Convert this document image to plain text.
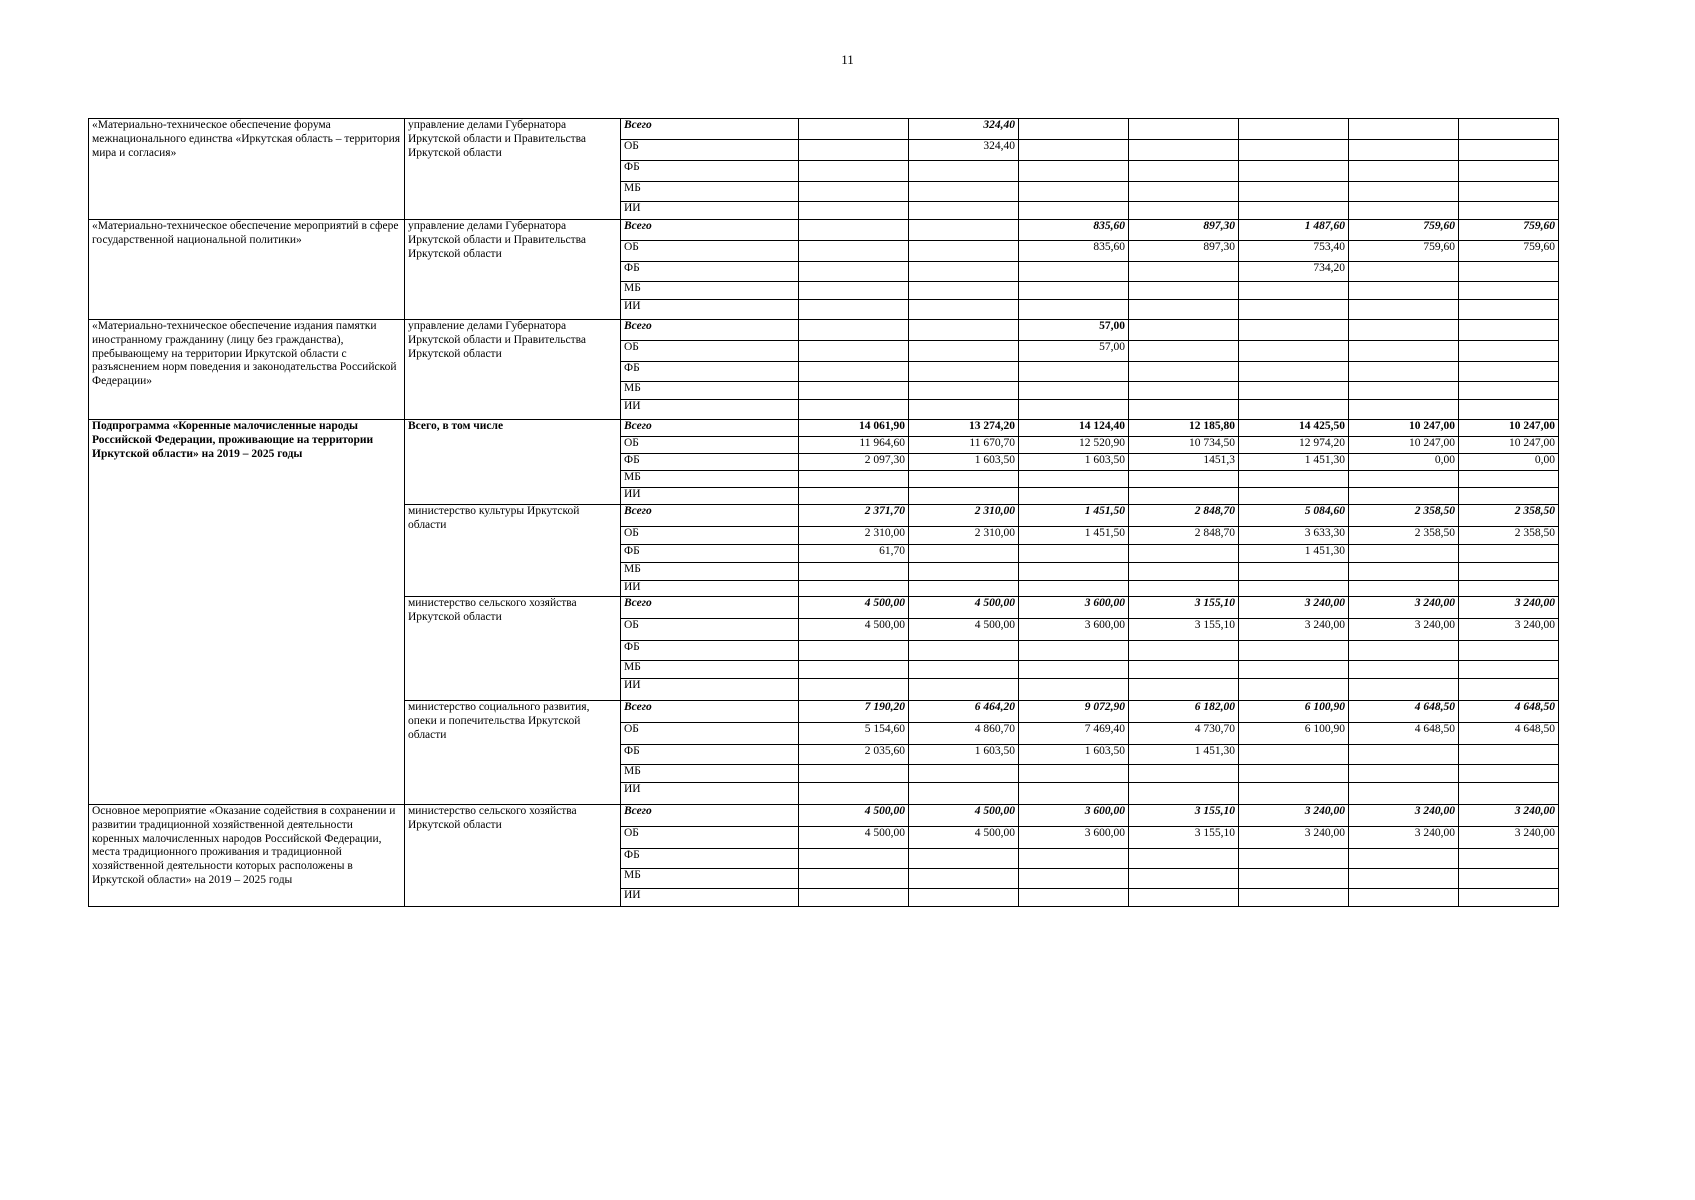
11
«Материально-техническое обеспечение форума межнационального единства «Иркутская область – территория мира и согласия»	управление делами Губернатора Иркутской области и Правительства Иркутской области	Всего		324,40					
		ОБ		324,40					
		ФБ							
		МБ							
		ИИ							
«Материально-техническое обеспечение мероприятий в сфере государственной национальной политики»	управление делами Губернатора Иркутской области и Правительства Иркутской области	Всего			835,60	897,30	1 487,60	759,60	759,60
		ОБ			835,60	897,30	753,40	759,60	759,60
		ФБ					734,20		
		МБ							
		ИИ							
«Материально-техническое обеспечение издания памятки иностранному гражданину (лицу без гражданства), пребывающему на территории Иркутской области с разъяснением норм поведения и законодательства Российской Федерации»	управление делами Губернатора Иркутской области и Правительства Иркутской области	Всего			57,00				
		ОБ			57,00				
		ФБ							
		МБ							
		ИИ							
Подпрограмма «Коренные малочисленные народы Российской Федерации, проживающие на территории Иркутской области» на 2019 – 2025 годы	Всего, в том числе	Всего	14 061,90	13 274,20	14 124,40	12 185,80	14 425,50	10 247,00	10 247,00
		ОБ	11 964,60	11 670,70	12 520,90	10 734,50	12 974,20	10 247,00	10 247,00
		ФБ	2 097,30	1 603,50	1 603,50	1451,3	1 451,30	0,00	0,00
		МБ							
		ИИ							
	министерство культуры Иркутской области	Всего	2 371,70	2 310,00	1 451,50	2 848,70	5 084,60	2 358,50	2 358,50
		ОБ	2 310,00	2 310,00	1 451,50	2 848,70	3 633,30	2 358,50	2 358,50
		ФБ	61,70				1 451,30		
		МБ							
		ИИ							
	министерство сельского хозяйства Иркутской области	Всего	4 500,00	4 500,00	3 600,00	3 155,10	3 240,00	3 240,00	3 240,00
		ОБ	4 500,00	4 500,00	3 600,00	3 155,10	3 240,00	3 240,00	3 240,00
		ФБ							
		МБ							
		ИИ							
	министерство социального развития, опеки и попечительства Иркутской области	Всего	7 190,20	6 464,20	9 072,90	6 182,00	6 100,90	4 648,50	4 648,50
		ОБ	5 154,60	4 860,70	7 469,40	4 730,70	6 100,90	4 648,50	4 648,50
		ФБ	2 035,60	1 603,50	1 603,50	1 451,30			
		МБ							
		ИИ							
Основное мероприятие «Оказание содействия в сохранении и развитии традиционной хозяйственной деятельности коренных малочисленных народов Российской Федерации, места традиционного проживания и традиционной хозяйственной деятельности которых расположены в Иркутской области» на 2019 – 2025 годы	министерство сельского хозяйства Иркутской области	Всего	4 500,00	4 500,00	3 600,00	3 155,10	3 240,00	3 240,00	3 240,00
		ОБ	4 500,00	4 500,00	3 600,00	3 155,10	3 240,00	3 240,00	3 240,00
		ФБ							
		МБ							
		ИИ							
